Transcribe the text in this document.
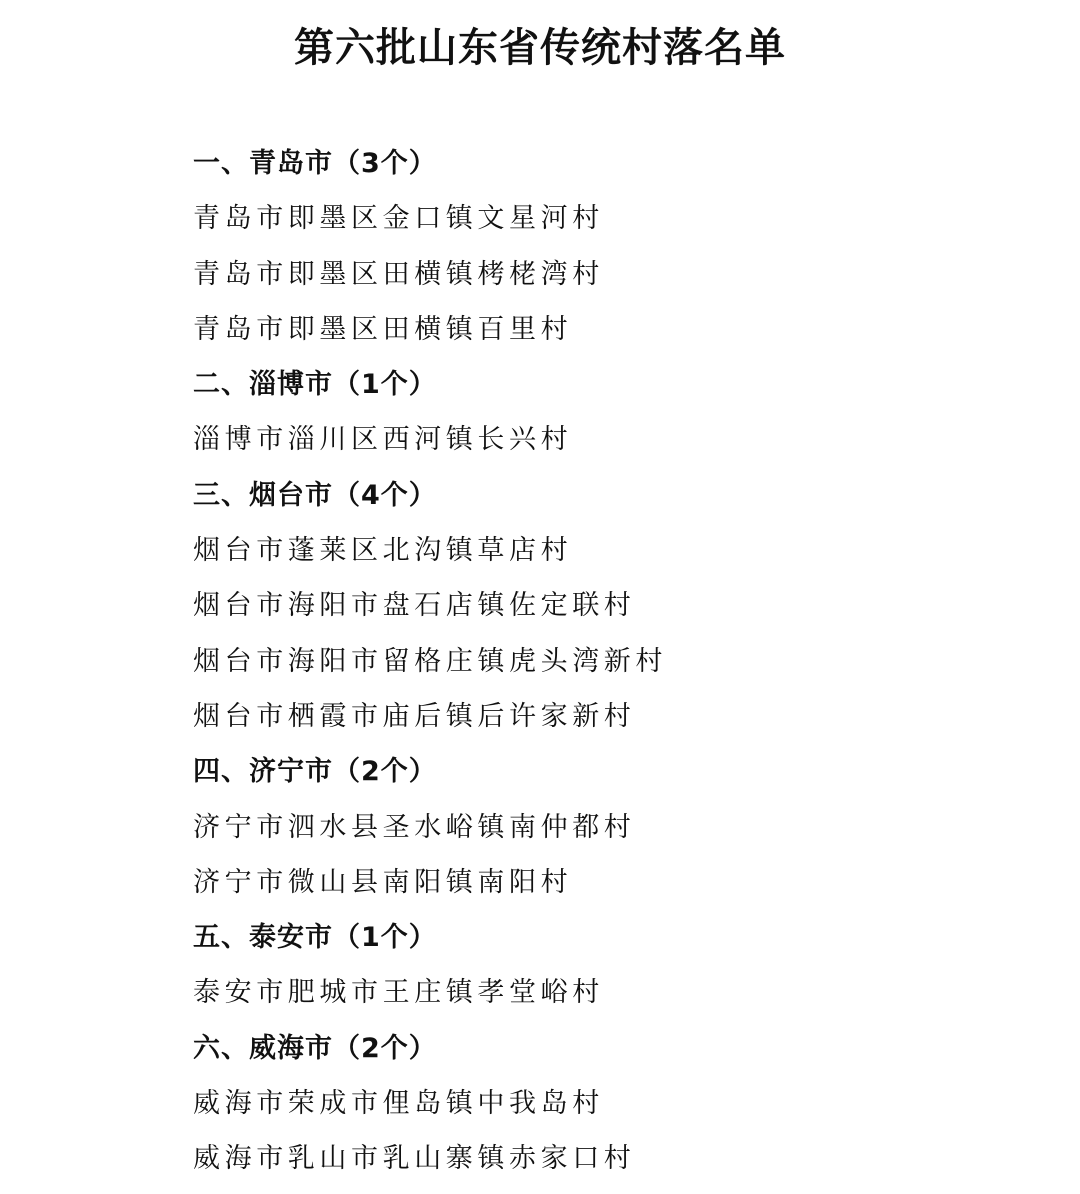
第六批山东省传统村落名单
一、青岛市（3个）
青岛市即墨区金口镇文星河村
青岛市即墨区田横镇栲栳湾村
青岛市即墨区田横镇百里村
二、淄博市（1个）
淄博市淄川区西河镇长兴村
三、烟台市（4个）
烟台市蓬莱区北沟镇草店村
烟台市海阳市盘石店镇佐定联村
烟台市海阳市留格庄镇虎头湾新村
烟台市栖霞市庙后镇后许家新村
四、济宁市（2个）
济宁市泗水县圣水峪镇南仲都村
济宁市微山县南阳镇南阳村
五、泰安市（1个）
泰安市肥城市王庄镇孝堂峪村
六、威海市（2个）
威海市荣成市俚岛镇中我岛村
威海市乳山市乳山寨镇赤家口村
